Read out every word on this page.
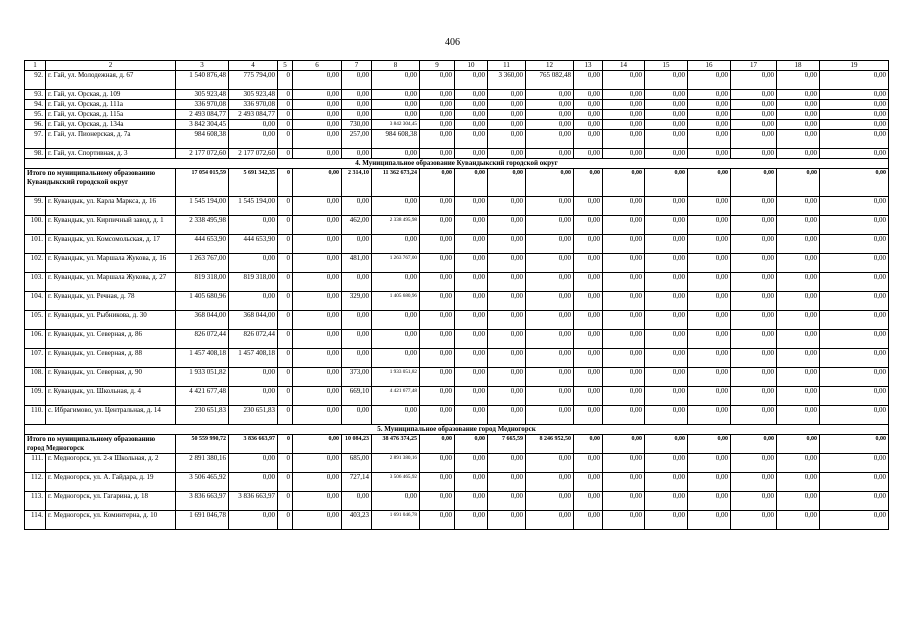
406
1	2	3	4	5	6	7	8	9	10	11	12	13	14	15	16	17	18	19
92.	г. Гай, ул. Молодежная, д. 67	1 540 876,48	775 794,00	0	0,00	0,00	0,00	0,00	0,00	3 360,00	765 082,48	0,00	0,00	0,00	0,00	0,00	0,00	0,00
93.	г. Гай, ул. Орская, д. 109	305 923,48	305 923,48	0	0,00	0,00	0,00	0,00	0,00	0,00	0,00	0,00	0,00	0,00	0,00	0,00	0,00	0,00
94.	г. Гай, ул. Орская, д. 111а	336 970,08	336 970,08	0	0,00	0,00	0,00	0,00	0,00	0,00	0,00	0,00	0,00	0,00	0,00	0,00	0,00	0,00
95.	г. Гай, ул. Орская, д. 115а	2 493 084,77	2 493 084,77	0	0,00	0,00	0,00	0,00	0,00	0,00	0,00	0,00	0,00	0,00	0,00	0,00	0,00	0,00
96.	г. Гай, ул. Орская, д. 134а	3 842 304,45	0,00	0	0,00	730,00	3 842 304,45	0,00	0,00	0,00	0,00	0,00	0,00	0,00	0,00	0,00	0,00	0,00
97.	г. Гай, ул. Пионерская, д. 7а	984 608,38	0,00	0	0,00	257,00	984 608,38	0,00	0,00	0,00	0,00	0,00	0,00	0,00	0,00	0,00	0,00	0,00
98.	г. Гай, ул. Спортивная, д. 3	2 177 072,60	2 177 072,60	0	0,00	0,00	0,00	0,00	0,00	0,00	0,00	0,00	0,00	0,00	0,00	0,00	0,00	0,00
4. Муниципальное образование Кувандыкский городской округ																		
Итого по муниципальному образованию Кувандыкский городской округ		17 054 015,59	5 691 342,35	0	0,00	2 314,10	11 362 673,24	0,00	0,00	0,00	0,00	0,00	0,00	0,00	0,00	0,00	0,00	0,00
99.	г. Кувандык, ул. Карла Маркса, д. 16	1 545 194,00	1 545 194,00	0	0,00	0,00	0,00	0,00	0,00	0,00	0,00	0,00	0,00	0,00	0,00	0,00	0,00	0,00
100.	г. Кувандык, ул. Кирпичный завод, д. 1	2 338 495,98	0,00	0	0,00	462,00	2 338 495,98	0,00	0,00	0,00	0,00	0,00	0,00	0,00	0,00	0,00	0,00	0,00
101.	г. Кувандык, ул. Комсомольская, д. 17	444 653,90	444 653,90	0	0,00	0,00	0,00	0,00	0,00	0,00	0,00	0,00	0,00	0,00	0,00	0,00	0,00	0,00
102.	г. Кувандык, ул. Маршала Жукова, д. 16	1 263 767,00	0,00	0	0,00	481,00	1 263 767,00	0,00	0,00	0,00	0,00	0,00	0,00	0,00	0,00	0,00	0,00	0,00
103.	г. Кувандык, ул. Маршала Жукова, д. 27	819 318,00	819 318,00	0	0,00	0,00	0,00	0,00	0,00	0,00	0,00	0,00	0,00	0,00	0,00	0,00	0,00	0,00
104.	г. Кувандык, ул. Речная, д. 78	1 405 680,96	0,00	0	0,00	329,00	1 405 680,96	0,00	0,00	0,00	0,00	0,00	0,00	0,00	0,00	0,00	0,00	0,00
105.	г. Кувандык, ул. Рыбникова, д. 30	368 044,00	368 044,00	0	0,00	0,00	0,00	0,00	0,00	0,00	0,00	0,00	0,00	0,00	0,00	0,00	0,00	0,00
106.	г. Кувандык, ул. Северная, д. 86	826 072,44	826 072,44	0	0,00	0,00	0,00	0,00	0,00	0,00	0,00	0,00	0,00	0,00	0,00	0,00	0,00	0,00
107.	г. Кувандык, ул. Северная, д. 88	1 457 408,18	1 457 408,18	0	0,00	0,00	0,00	0,00	0,00	0,00	0,00	0,00	0,00	0,00	0,00	0,00	0,00	0,00
108.	г. Кувандык, ул. Северная, д. 90	1 933 051,82	0,00	0	0,00	373,00	1 933 051,82	0,00	0,00	0,00	0,00	0,00	0,00	0,00	0,00	0,00	0,00	0,00
109.	г. Кувандык, ул. Школьная, д. 4	4 421 677,48	0,00	0	0,00	669,10	4 421 677,48	0,00	0,00	0,00	0,00	0,00	0,00	0,00	0,00	0,00	0,00	0,00
110.	с. Ибрагимово, ул. Центральная, д. 14	230 651,83	230 651,83	0	0,00	0,00	0,00	0,00	0,00	0,00	0,00	0,00	0,00	0,00	0,00	0,00	0,00	0,00
5. Муниципальное образование город Медногорск																		
Итого по муниципальному образованию город Медногорск		50 559 990,72	3 836 663,97	0	0,00	10 084,23	38 476 374,25	0,00	0,00	7 665,59	8 246 952,50	0,00	0,00	0,00	0,00	0,00	0,00	0,00
111.	г. Медногорск, ул. 2-я Школьная, д. 2	2 891 380,16	0,00	0	0,00	685,00	2 891 380,16	0,00	0,00	0,00	0,00	0,00	0,00	0,00	0,00	0,00	0,00	0,00
112.	г. Медногорск, ул. А. Гайдара, д. 19	3 506 465,92	0,00	0	0,00	727,14	3 506 465,92	0,00	0,00	0,00	0,00	0,00	0,00	0,00	0,00	0,00	0,00	0,00
113.	г. Медногорск, ул. Гагарина, д. 18	3 836 663,97	3 836 663,97	0	0,00	0,00	0,00	0,00	0,00	0,00	0,00	0,00	0,00	0,00	0,00	0,00	0,00	0,00
114.	г. Медногорск, ул. Коминтерна, д. 10	1 691 046,78	0,00	0	0,00	403,23	1 691 046,78	0,00	0,00	0,00	0,00	0,00	0,00	0,00	0,00	0,00	0,00	0,00
